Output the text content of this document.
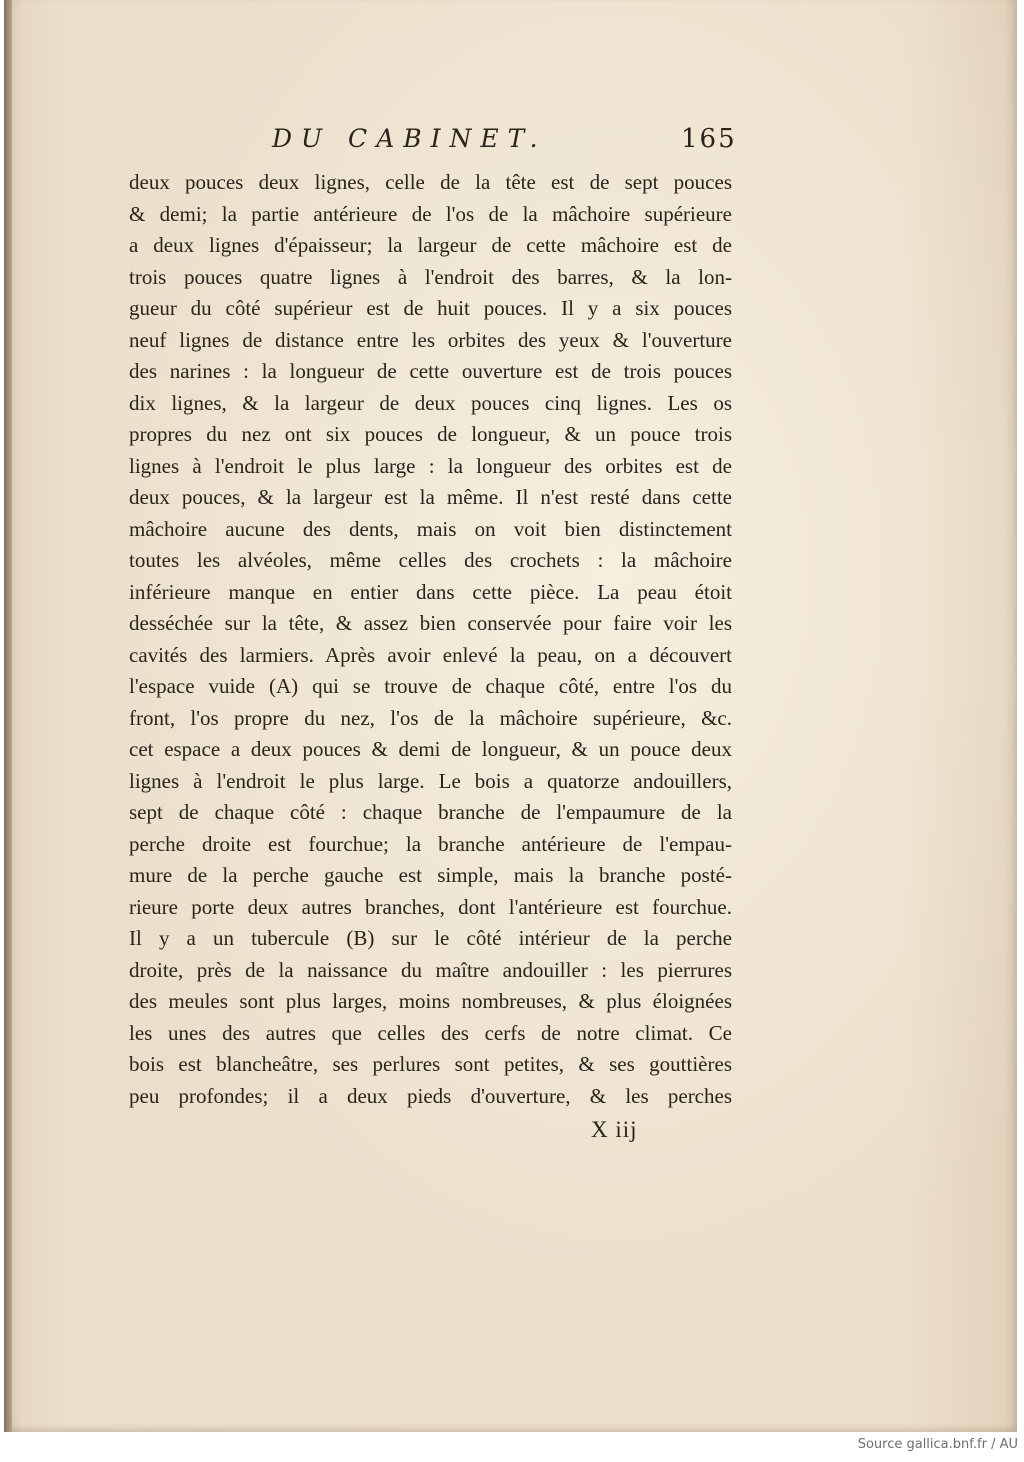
DU CABINET.	165
deux pouces deux lignes, celle de la tête est de sept pouces
& demi; la partie antérieure de l'os de la mâchoire supérieure
a deux lignes d'épaisseur; la largeur de cette mâchoire est de
trois pouces quatre lignes à l'endroit des barres, & la lon-
gueur du côté supérieur est de huit pouces. Il y a six pouces
neuf lignes de distance entre les orbites des yeux & l'ouverture
des narines : la longueur de cette ouverture est de trois pouces
dix lignes, & la largeur de deux pouces cinq lignes. Les os
propres du nez ont six pouces de longueur, & un pouce trois
lignes à l'endroit le plus large : la longueur des orbites est de
deux pouces, & la largeur est la même. Il n'est resté dans cette
mâchoire aucune des dents, mais on voit bien distinctement
toutes les alvéoles, même celles des crochets : la mâchoire
inférieure manque en entier dans cette pièce. La peau étoit
desséchée sur la tête, & assez bien conservée pour faire voir les
cavités des larmiers. Après avoir enlevé la peau, on a découvert
l'espace vuide (A) qui se trouve de chaque côté, entre l'os du
front, l'os propre du nez, l'os de la mâchoire supérieure, &c.
cet espace a deux pouces & demi de longueur, & un pouce deux
lignes à l'endroit le plus large. Le bois a quatorze andouillers,
sept de chaque côté : chaque branche de l'empaumure de la
perche droite est fourchue; la branche antérieure de l'empau-
mure de la perche gauche est simple, mais la branche posté-
rieure porte deux autres branches, dont l'antérieure est fourchue.
Il y a un tubercule (B) sur le côté intérieur de la perche
droite, près de la naissance du maître andouiller : les pierrures
des meules sont plus larges, moins nombreuses, & plus éloignées
les unes des autres que celles des cerfs de notre climat. Ce
bois est blancheâtre, ses perlures sont petites, & ses gouttières
peu profondes; il a deux pieds d'ouverture, & les perches
X iij
Source gallica.bnf.fr / AU
